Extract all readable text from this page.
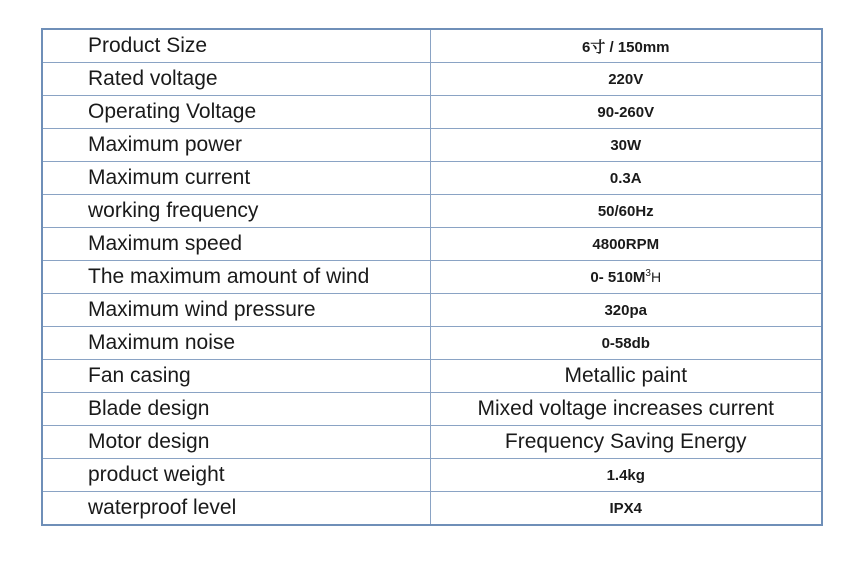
Product Size	6寸 / 150mm
Rated voltage	220V
Operating Voltage	90-260V
Maximum power	30W
Maximum current	0.3A
working frequency	50/60Hz
Maximum speed	4800RPM
The maximum amount of wind	0- $510M^3H$
Maximum wind pressure	320pa
Maximum noise	0-58db
Fan casing	Metallic paint
Blade design	Mixed voltage increases current
Motor design	Frequency Saving Energy
product weight	1.4kg
waterproof level	IPX4
